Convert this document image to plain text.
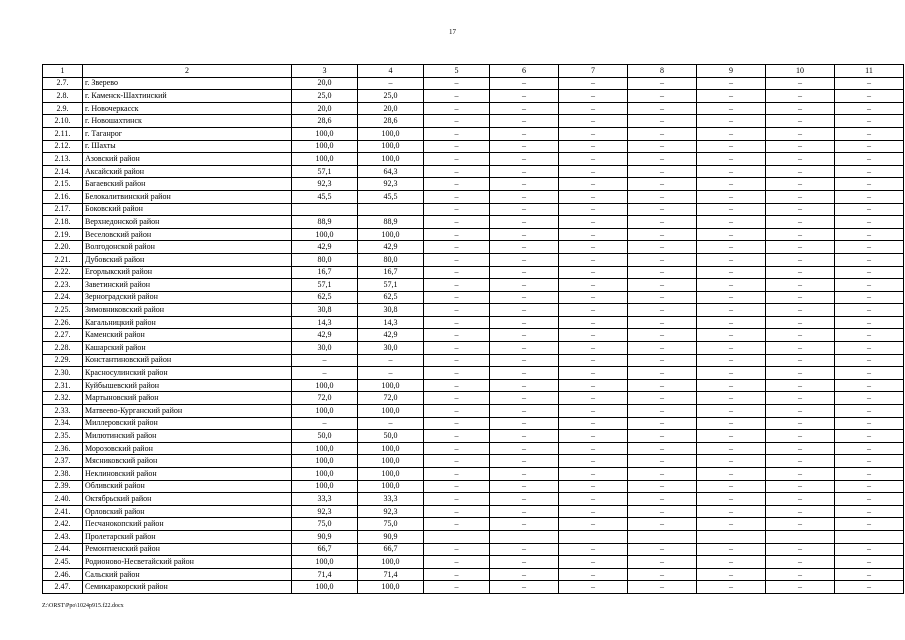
17
1	2	3	4	5	6	7	8	9	10	11
2.7.	г. Зверево	20,0	–	–	–	–	–	–	–	–
2.8.	г. Каменск-Шахтинский	25,0	25,0	–	–	–	–	–	–	–
2.9.	г. Новочеркасск	20,0	20,0	–	–	–	–	–	–	–
2.10.	г. Новошахтинск	28,6	28,6	–	–	–	–	–	–	–
2.11.	г. Таганрог	100,0	100,0	–	–	–	–	–	–	–
2.12.	г. Шахты	100,0	100,0	–	–	–	–	–	–	–
2.13.	Азовский район	100,0	100,0	–	–	–	–	–	–	–
2.14.	Аксайский район	57,1	64,3	–	–	–	–	–	–	–
2.15.	Багаевский район	92,3	92,3	–	–	–	–	–	–	–
2.16.	Белокалитвинский район	45,5	45,5	–	–	–	–	–	–	–
2.17.	Боковский район			–	–	–	–	–	–	–
2.18.	Верхнедонской район	88,9	88,9	–	–	–	–	–	–	–
2.19.	Веселовский район	100,0	100,0	–	–	–	–	–	–	–
2.20.	Волгодонской район	42,9	42,9	–	–	–	–	–	–	–
2.21.	Дубовский район	80,0	80,0	–	–	–	–	–	–	–
2.22.	Егорлыкский район	16,7	16,7	–	–	–	–	–	–	–
2.23.	Заветинский район	57,1	57,1	–	–	–	–	–	–	–
2.24.	Зерноградский район	62,5	62,5	–	–	–	–	–	–	–
2.25.	Зимовниковский район	30,8	30,8	–	–	–	–	–	–	–
2.26.	Кагальницкий район	14,3	14,3	–	–	–	–	–	–	–
2.27.	Каменский район	42,9	42,9	–	–	–	–	–	–	–
2.28.	Кашарский район	30,0	30,0	–	–	–	–	–	–	–
2.29.	Константиновский район	–	–	–	–	–	–	–	–	–
2.30.	Красносулинский район	–	–	–	–	–	–	–	–	–
2.31.	Куйбышевский район	100,0	100,0	–	–	–	–	–	–	–
2.32.	Мартыновский район	72,0	72,0	–	–	–	–	–	–	–
2.33.	Матвеево-Курганский район	100,0	100,0	–	–	–	–	–	–	–
2.34.	Миллеровский район	–	–	–	–	–	–	–	–	–
2.35.	Милютинский район	50,0	50,0	–	–	–	–	–	–	–
2.36.	Морозовский район	100,0	100,0	–	–	–	–	–	–	–
2.37.	Мясниковский район	100,0	100,0	–	–	–	–	–	–	–
2.38.	Неклиновский район	100,0	100,0	–	–	–	–	–	–	–
2.39.	Обливский район	100,0	100,0	–	–	–	–	–	–	–
2.40.	Октябрьский район	33,3	33,3	–	–	–	–	–	–	–
2.41.	Орловский район	92,3	92,3	–	–	–	–	–	–	–
2.42.	Песчанокопский район	75,0	75,0	–	–	–	–	–	–	–
2.43.	Пролетарский район	90,9	90,9							
2.44.	Ремонтненский район	66,7	66,7	–	–	–	–	–	–	–
2.45.	Родионово-Несветайский район	100,0	100,0	–	–	–	–	–	–	–
2.46.	Сальский район	71,4	71,4	–	–	–	–	–	–	–
2.47.	Семикаракорский район	100,0	100,0	–	–	–	–	–	–	–
Z:\ORST\Ppo\1024p915.f22.docx
